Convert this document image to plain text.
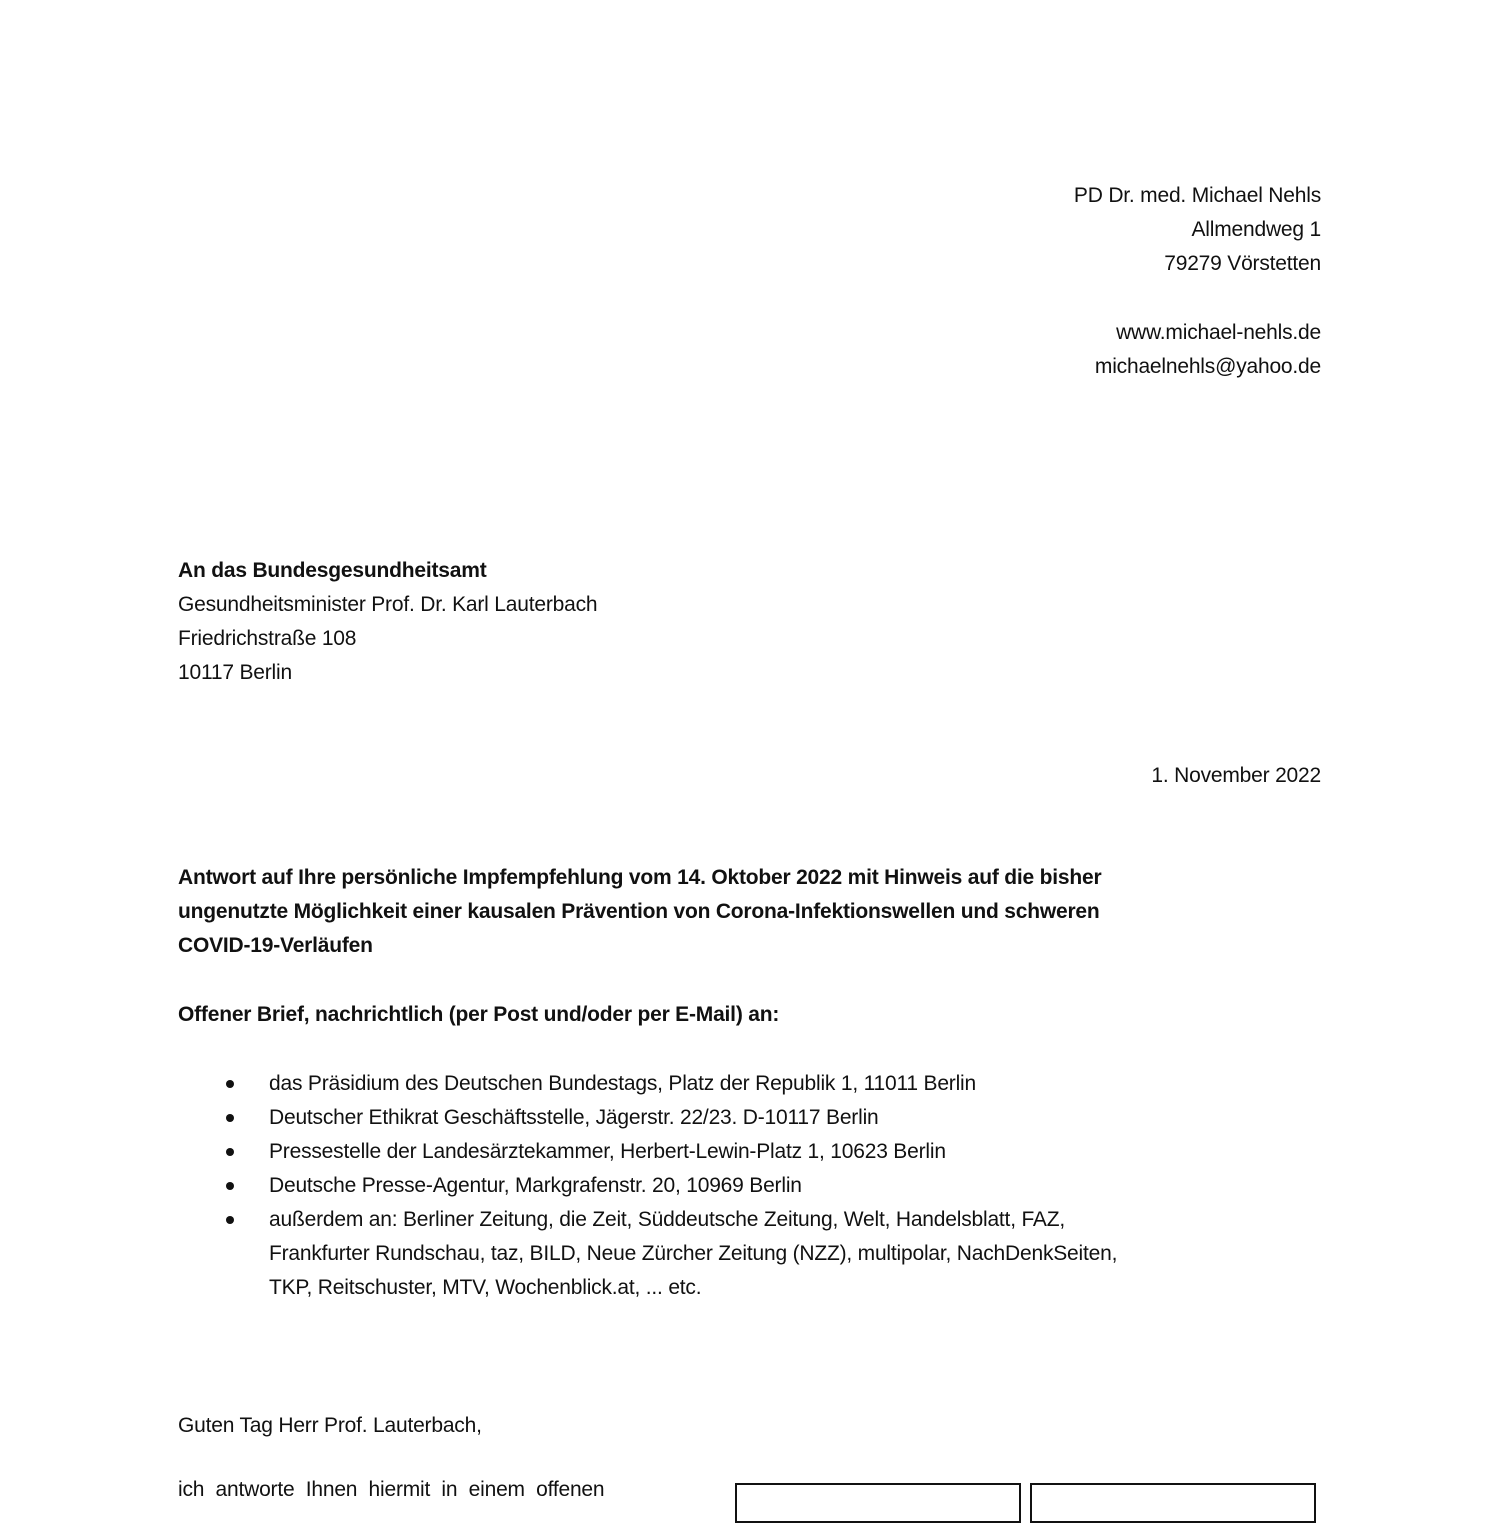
PD Dr. med. Michael Nehls
Allmendweg 1
79279 Vörstetten
www.michael-nehls.de
michaelnehls@yahoo.de
An das Bundesgesundheitsamt
Gesundheitsminister Prof. Dr. Karl Lauterbach
Friedrichstraße 108
10117 Berlin
1. November 2022
Antwort auf Ihre persönliche Impfempfehlung vom 14. Oktober 2022 mit Hinweis auf die bisher
ungenutzte Möglichkeit einer kausalen Prävention von Corona-Infektionswellen und schweren
COVID-19-Verläufen
Offener Brief, nachrichtlich (per Post und/oder per E-Mail) an:
das Präsidium des Deutschen Bundestags, Platz der Republik 1, 11011 Berlin
Deutscher Ethikrat Geschäftsstelle, Jägerstr. 22/23. D-10117 Berlin
Pressestelle der Landesärztekammer, Herbert-Lewin-Platz 1, 10623 Berlin
Deutsche Presse-Agentur, Markgrafenstr. 20, 10969 Berlin
außerdem an: Berliner Zeitung, die Zeit, Süddeutsche Zeitung, Welt, Handelsblatt, FAZ,
Frankfurter Rundschau, taz, BILD, Neue Zürcher Zeitung (NZZ), multipolar, NachDenkSeiten,
TKP, Reitschuster, MTV, Wochenblick.at, ... etc.
Guten Tag Herr Prof. Lauterbach,
ich  antworte  Ihnen  hiermit  in  einem  offenen
